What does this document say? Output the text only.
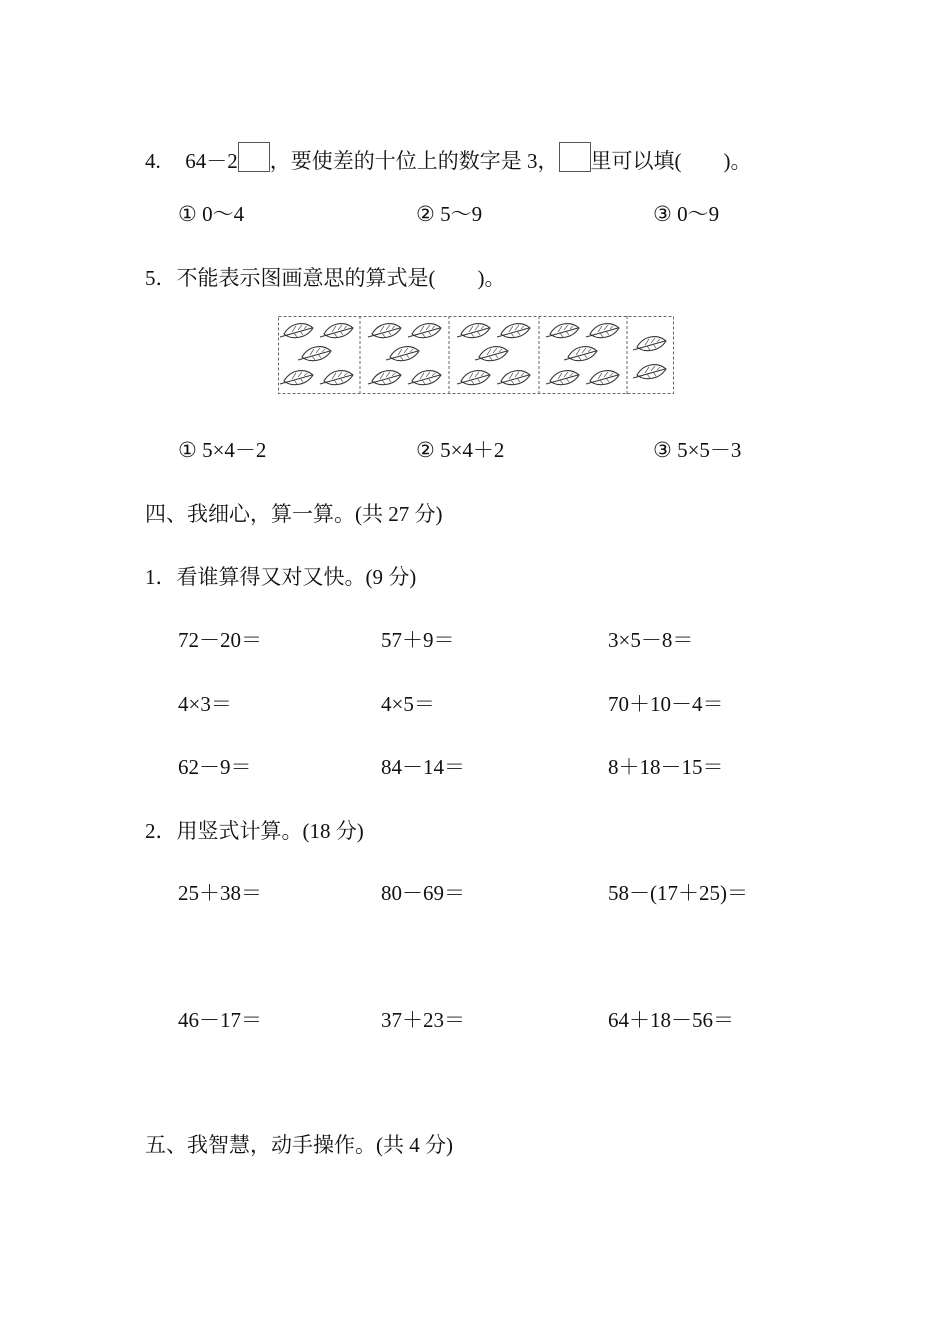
4. 64－2 ，要使差的十位上的数字是 3， 里可以填(　　)。
① 0～4	② 5～9	③ 0～9
5．不能表示图画意思的算式是(　　)。
① 5×4－2	② 5×4＋2	③ 5×5－3
四、我细心，算一算。(共 27 分)
1．看谁算得又对又快。(9 分)
72－20＝	57＋9＝	3×5－8＝
4×3＝	4×5＝	70＋10－4＝
62－9＝	84－14＝	8＋18－15＝
2．用竖式计算。(18 分)
25＋38＝	80－69＝	58－(17＋25)＝
46－17＝	37＋23＝	64＋18－56＝
五、我智慧，动手操作。(共 4 分)
